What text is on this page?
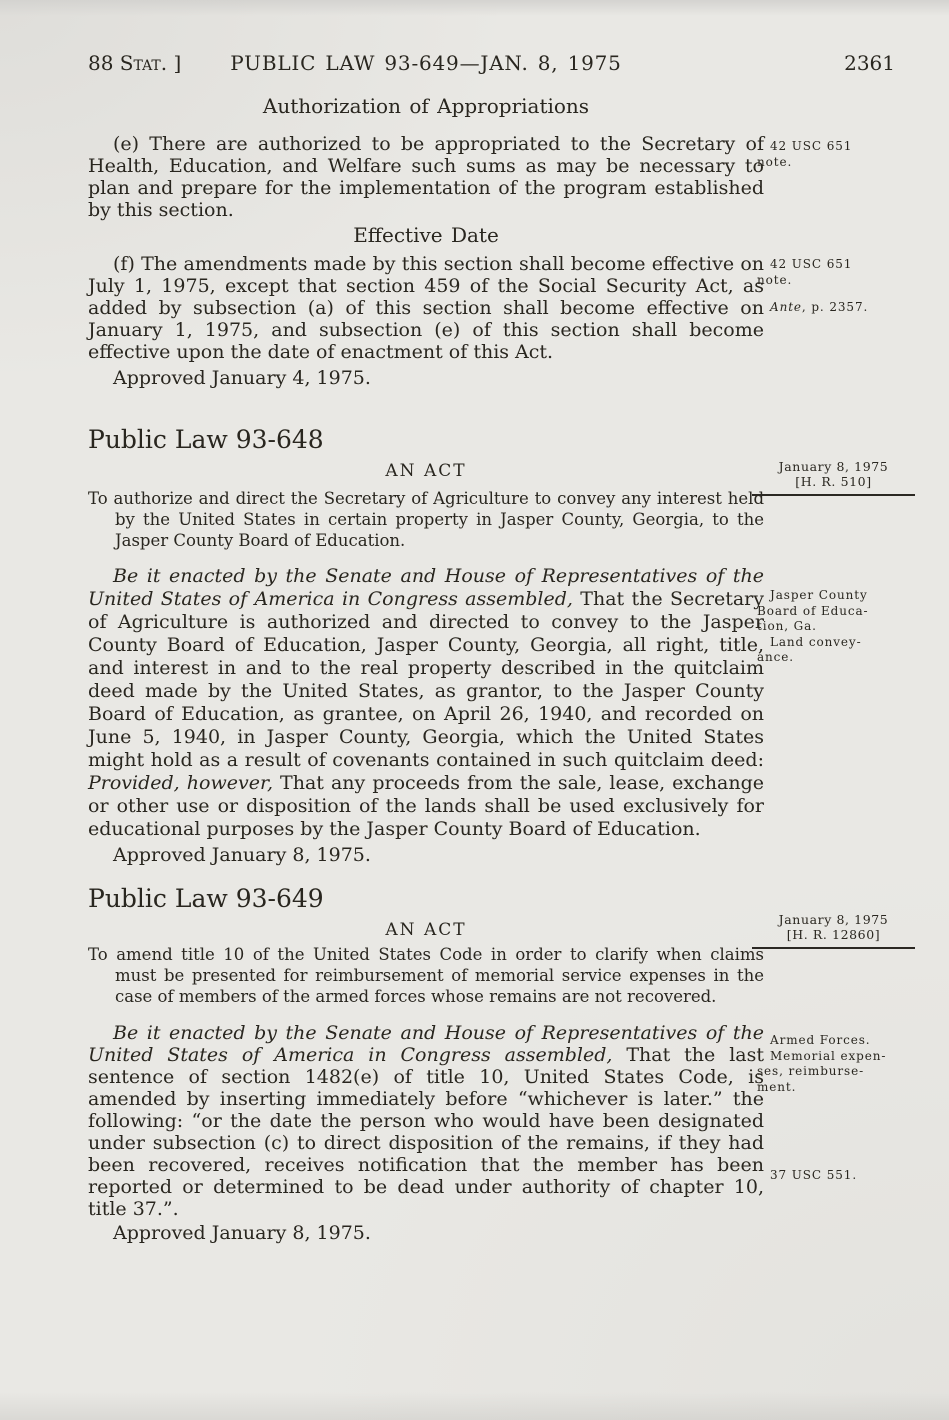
88 Stat. ]	PUBLIC LAW 93-649—JAN. 8, 1975	2361
Authorization of Appropriations
(e) There are authorized to be appropriated to the Secretary of Health, Education, and Welfare such sums as may be necessary to plan and prepare for the implementation of the program established by this section.
Effective Date
(f) The amendments made by this section shall become effective on July 1, 1975, except that section 459 of the Social Security Act, as added by subsection (a) of this section shall become effective on January 1, 1975, and subsection (e) of this section shall become effective upon the date of enactment of this Act.
Approved January 4, 1975.
42 USC 651
note.
42 USC 651
note.
Ante, p. 2357.
Public Law 93-648
AN ACT
To authorize and direct the Secretary of Agriculture to convey any interest held by the United States in certain property in Jasper County, Georgia, to the Jasper County Board of Education.
Be it enacted by the Senate and House of Representatives of the United States of America in Congress assembled, That the Secretary of Agriculture is authorized and directed to convey to the Jasper County Board of Education, Jasper County, Georgia, all right, title, and interest in and to the real property described in the quitclaim deed made by the United States, as grantor, to the Jasper County Board of Education, as grantee, on April 26, 1940, and recorded on June 5, 1940, in Jasper County, Georgia, which the United States might hold as a result of covenants contained in such quitclaim deed: Provided, however, That any proceeds from the sale, lease, exchange or other use or disposition of the lands shall be used exclusively for educational purposes by the Jasper County Board of Education.
Approved January 8, 1975.
January 8, 1975
[H. R. 510]
Jasper County
Board of Educa-
tion, Ga.
Land convey-
ance.
Public Law 93-649
AN ACT
To amend title 10 of the United States Code in order to clarify when claims must be presented for reimbursement of memorial service expenses in the case of members of the armed forces whose remains are not recovered.
Be it enacted by the Senate and House of Representatives of the United States of America in Congress assembled, That the last sentence of section 1482(e) of title 10, United States Code, is amended by inserting immediately before “whichever is later.” the following: “or the date the person who would have been designated under subsection (c) to direct disposition of the remains, if they had been recovered, receives notification that the member has been reported or determined to be dead under authority of chapter 10, title 37.”.
Approved January 8, 1975.
January 8, 1975
[H. R. 12860]
Armed Forces.
Memorial expen-
ses, reimburse-
ment.
37 USC 551.
